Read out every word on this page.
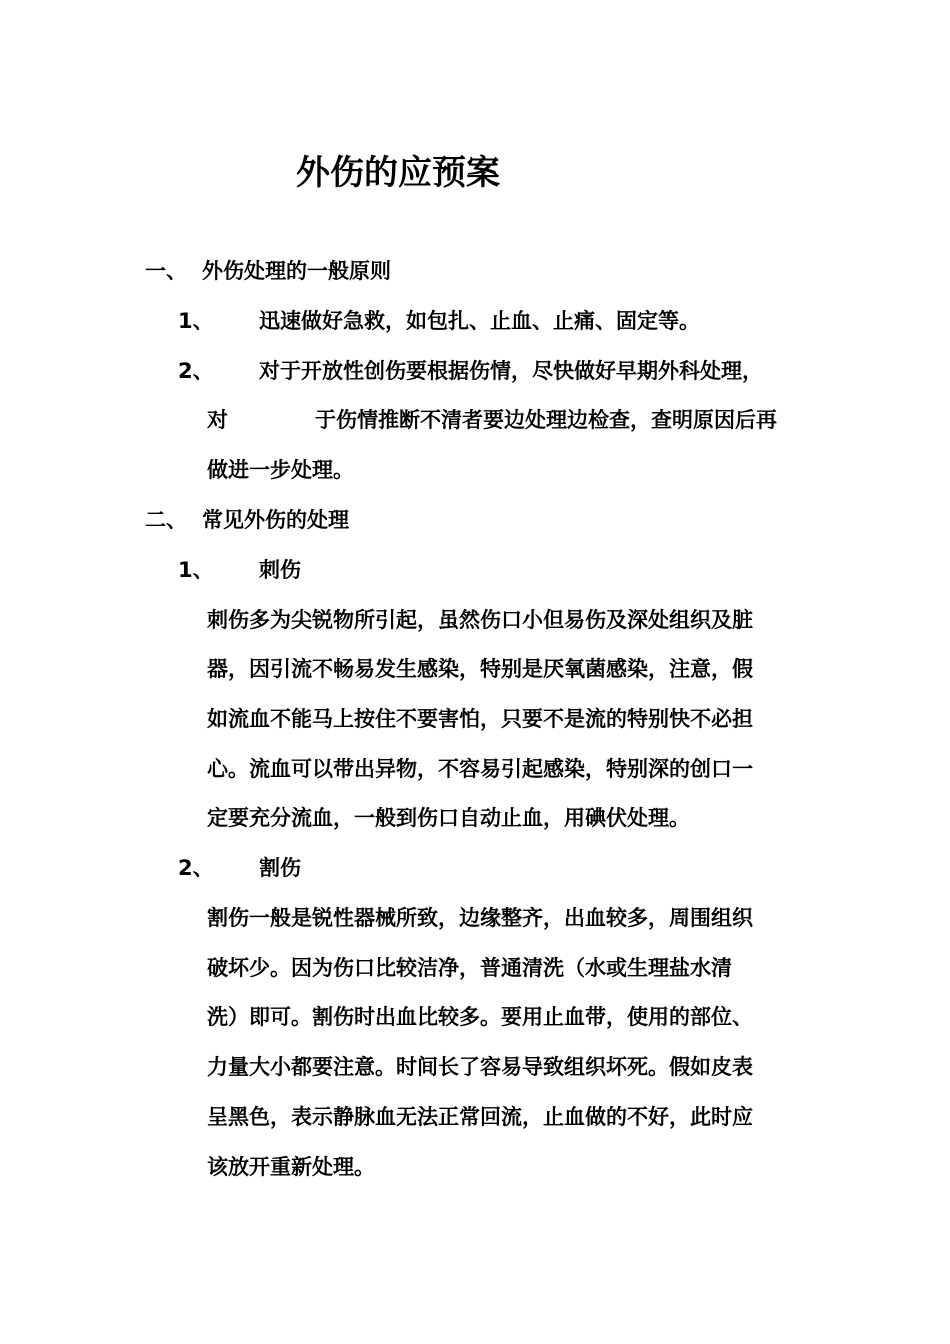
外伤的应预案
一、 外伤处理的一般原则
1、 迅速做好急救，如包扎、止血、止痛、固定等。
2、 对于开放性创伤要根据伤情，尽快做好早期外科处理，
对	于伤情推断不清者要边处理边检查，查明原因后再
做进一步处理。
二、 常见外伤的处理
1、 刺伤
刺伤多为尖锐物所引起，虽然伤口小但易伤及深处组织及脏
器，因引流不畅易发生感染，特别是厌氧菌感染，注意，假
如流血不能马上按住不要害怕，只要不是流的特别快不必担
心。流血可以带出异物，不容易引起感染，特别深的创口一
定要充分流血，一般到伤口自动止血，用碘伏处理。
2、 割伤
割伤一般是锐性器械所致，边缘整齐，出血较多，周围组织
破坏少。因为伤口比较洁净，普通清洗（水或生理盐水清
洗）即可。割伤时出血比较多。要用止血带，使用的部位、
力量大小都要注意。时间长了容易导致组织坏死。假如皮表
呈黑色，表示静脉血无法正常回流，止血做的不好，此时应
该放开重新处理。
